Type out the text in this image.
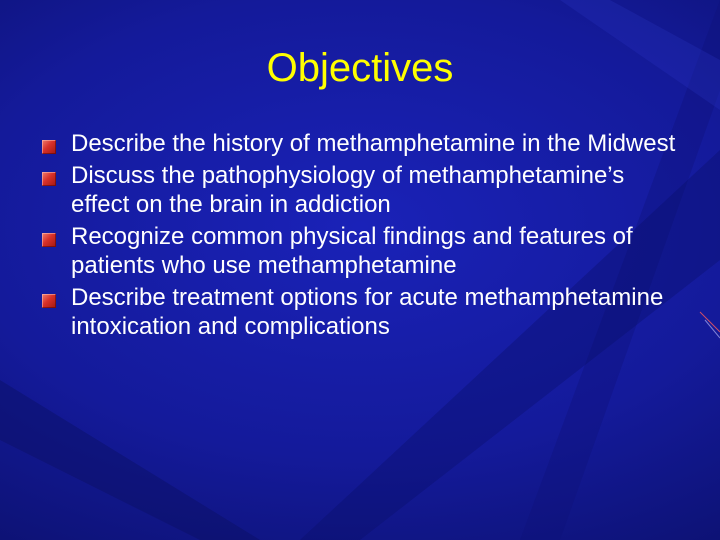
Objectives
Describe the history of methamphetamine in the Midwest
Discuss the pathophysiology of methamphetamine’s effect on the brain in addiction
Recognize common physical findings and features of patients who use methamphetamine
Describe treatment options for acute methamphetamine intoxication and complications
